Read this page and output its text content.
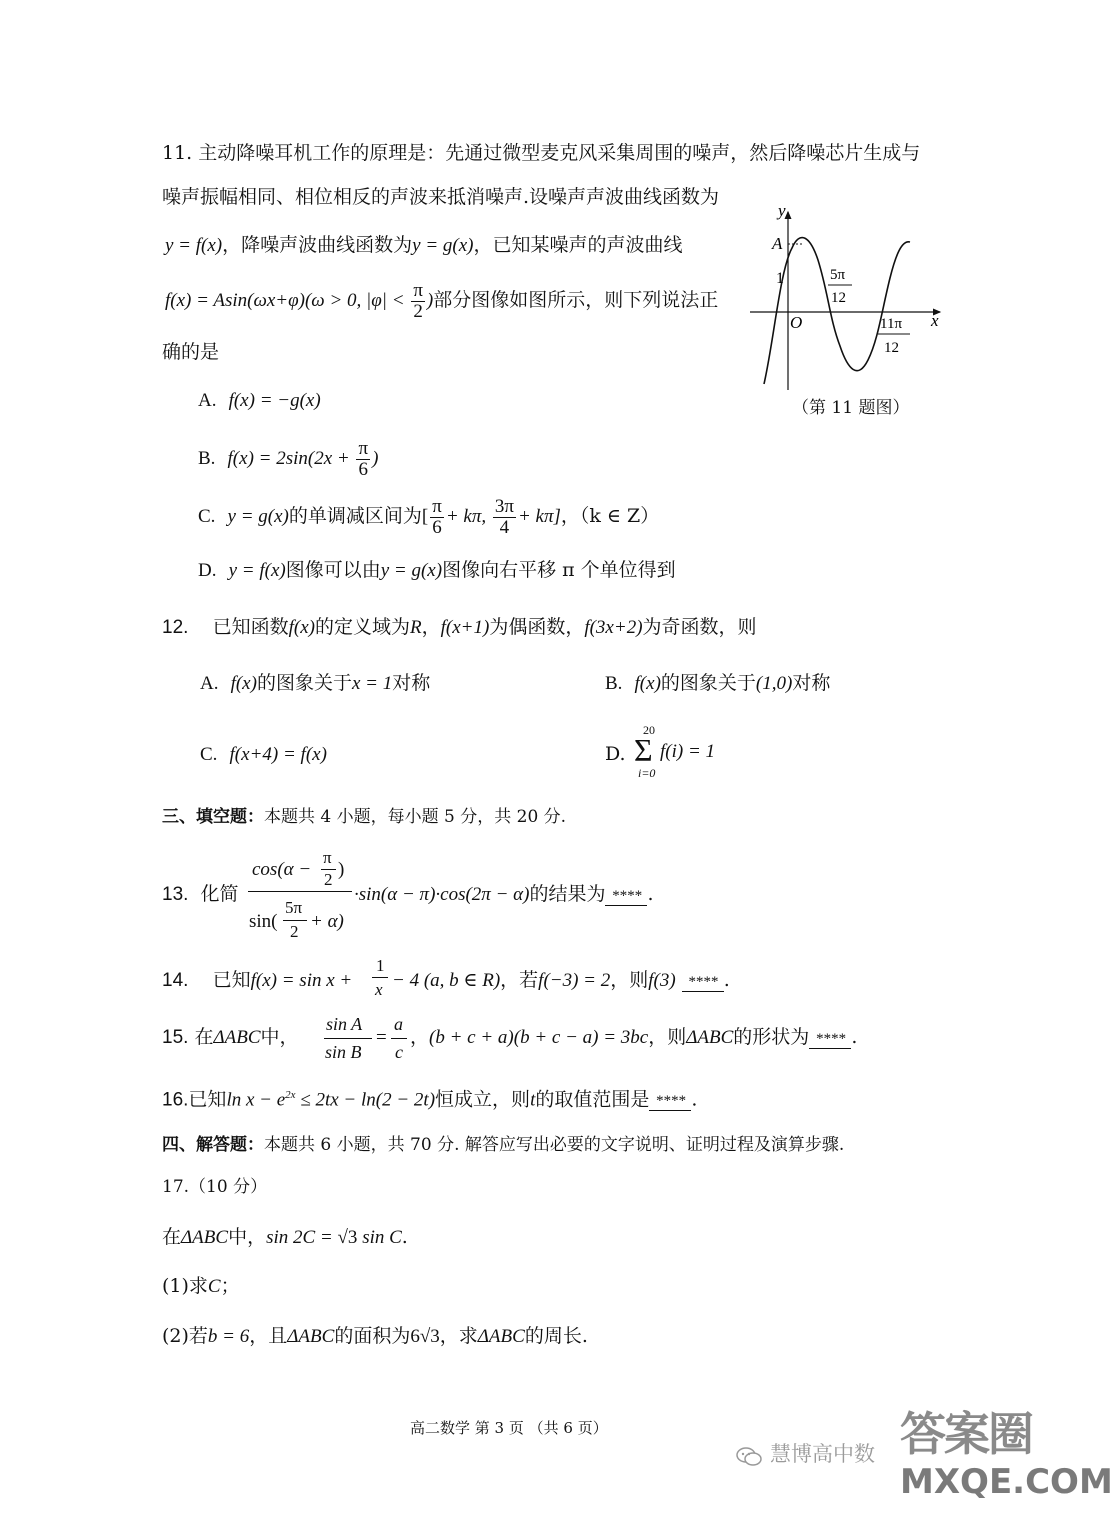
11. 主动降噪耳机工作的原理是：先通过微型麦克风采集周围的噪声，然后降噪芯片生成与
噪声振幅相同、相位相反的声波来抵消噪声.设噪声声波曲线函数为
y = f(x)，降噪声波曲线函数为y = g(x)，已知某噪声的声波曲线
f(x) = Asin(ωx+φ)(ω > 0, $|\varphi| < \frac{\pi}{2}$ )部分图像如图所示，则下列说法正
确的是
A. f(x) = −g(x)
B. $f(x) = 2\sin(2x + \frac{\pi}{6}$ )
C. y = g(x)的单调减区间为[ $\frac{\pi}{6} + k\pi$, $\frac{3\pi}{4} + k\pi$]，（k ∈ Z）
D. y = f(x)图像可以由y = g(x)图像向右平移 π 个单位得到
y
x
A
1
O
5π
12
11π
12
（第 11 题图）
12. 已知函数f(x)的定义域为R，f(x+1)为偶函数，f(3x+2)为奇函数，则
A. f(x)的图象关于x = 1对称	B. f(x)的图象关于(1,0)对称
C. f(x+4) = f(x)	D.
20
Σ
i=0
f(i) = 1
三、填空题：本题共 4 小题，每小题 5 分，共 20 分.
13. 化简
cos(α −
π
2 )
sin(
5π
2 + α)
·sin(α − π)·cos(2π − α)的结果为 **** .
14. 已知f(x) = sin x +
1
x − 4 (a, b ∈ R)，若f(−3) = 2，则f(3) **** .
15. 在ΔABC中，
sin A
sin B
=
a
c
，(b + c + a)(b + c − a) = 3bc，则ΔABC的形状为 **** .
16.已知$\ln x - e^{2x} \le 2tx - \ln(2 - 2t)$恒成立，则t的取值范围是 **** .
四、解答题：本题共 6 小题，共 70 分. 解答应写出必要的文字说明、证明过程及演算步骤.
17.（10 分）
在ΔABC中，sin 2C = √3 sin C.
(1)求C；
(2)若b = 6，且ΔABC的面积为6√3，求ΔABC的周长.
高二数学 第 3 页 （共 6 页）
慧博高中数 答案圈
MXQE.COM
